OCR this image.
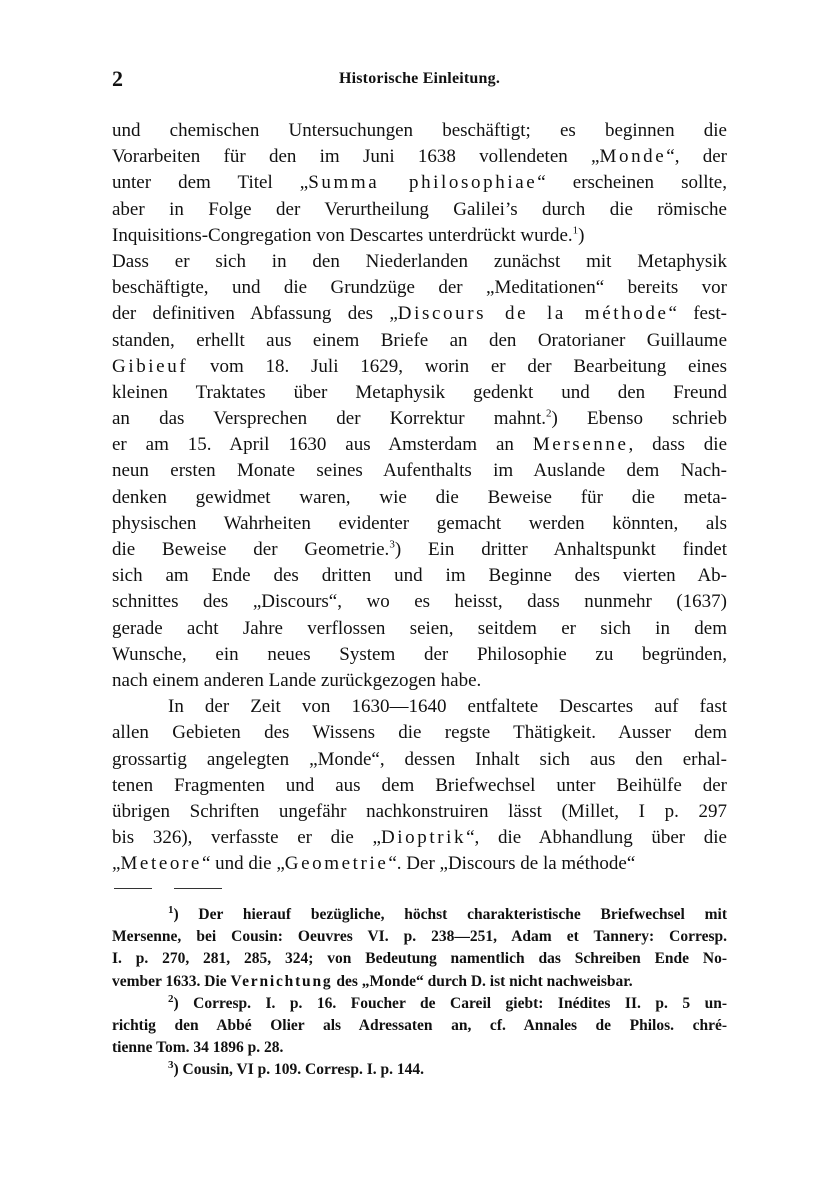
2	Historische Einleitung.
und chemischen Untersuchungen beschäftigt; es beginnen die
Vorarbeiten für den im Juni 1638 vollendeten „Monde“, der
unter dem Titel „Summa philosophiae“ erscheinen sollte,
aber in Folge der Verurtheilung Galilei’s durch die römische
Inquisitions-Congregation von Descartes unterdrückt wurde.$^1$)
Dass er sich in den Niederlanden zunächst mit Metaphysik
beschäftigte, und die Grundzüge der „Meditationen“ bereits vor
der definitiven Abfassung des „Discours de la méthode“ fest-
standen, erhellt aus einem Briefe an den Oratorianer Guillaume
Gibieuf vom 18. Juli 1629, worin er der Bearbeitung eines
kleinen Traktates über Metaphysik gedenkt und den Freund
an das Versprechen der Korrektur mahnt.$^2$) Ebenso schrieb
er am 15. April 1630 aus Amsterdam an Mersenne, dass die
neun ersten Monate seines Aufenthalts im Auslande dem Nach-
denken gewidmet waren, wie die Beweise für die meta-
physischen Wahrheiten evidenter gemacht werden könnten, als
die Beweise der Geometrie.$^3$) Ein dritter Anhaltspunkt findet
sich am Ende des dritten und im Beginne des vierten Ab-
schnittes des „Discours“, wo es heisst, dass nunmehr (1637)
gerade acht Jahre verflossen seien, seitdem er sich in dem
Wunsche, ein neues System der Philosophie zu begründen,
nach einem anderen Lande zurückgezogen habe.
In der Zeit von 1630—1640 entfaltete Descartes auf fast
allen Gebieten des Wissens die regste Thätigkeit. Ausser dem
grossartig angelegten „Monde“, dessen Inhalt sich aus den erhal-
tenen Fragmenten und aus dem Briefwechsel unter Beihülfe der
übrigen Schriften ungefähr nachkonstruiren lässt (Millet, I p. 297
bis 326), verfasste er die „Dioptrik“, die Abhandlung über die
„Meteore“ und die „Geometrie“. Der „Discours de la méthode“
$^1$) Der hierauf bezügliche, höchst charakteristische Briefwechsel mit
Mersenne, bei Cousin: Oeuvres VI. p. 238—251, Adam et Tannery: Corresp.
I. p. 270, 281, 285, 324; von Bedeutung namentlich das Schreiben Ende No-
vember 1633. Die Vernichtung des „Monde“ durch D. ist nicht nachweisbar.
$^2$) Corresp. I. p. 16. Foucher de Careil giebt: Inédites II. p. 5 un-
richtig den Abbé Olier als Adressaten an, cf. Annales de Philos. chré-
tienne Tom. 34 1896 p. 28.
$^3$) Cousin, VI p. 109. Corresp. I. p. 144.
